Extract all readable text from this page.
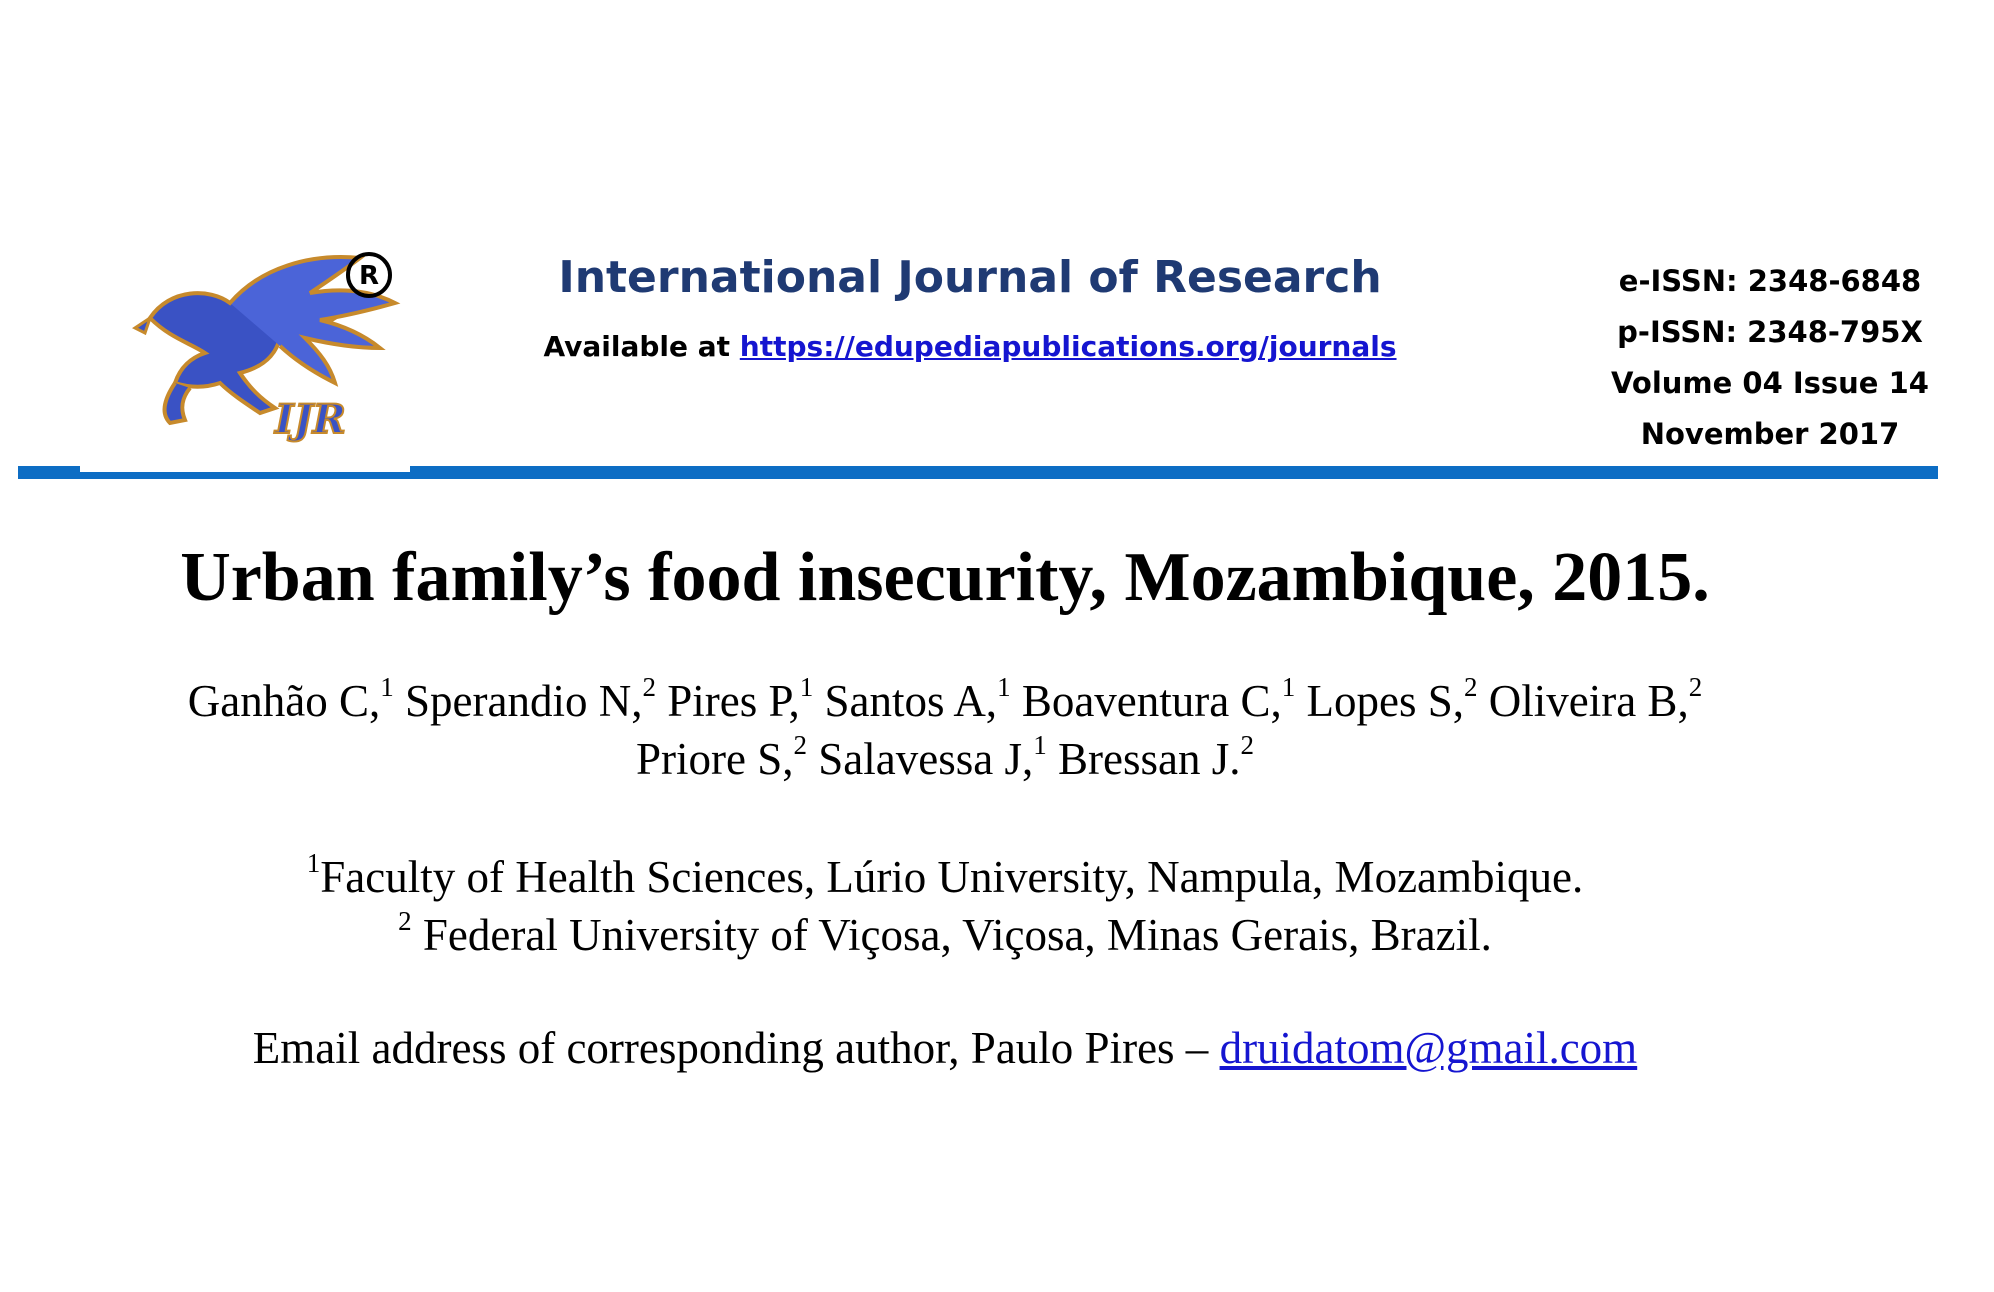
IJR
R	International Journal of Research
Available at https://edupediapublications.org/journals
e-ISSN: 2348-6848
p-ISSN: 2348-795X
Volume 04 Issue 14
November 2017
Urban family’s food insecurity, Mozambique, 2015.
Ganhão C,$^1$ Sperandio N,$^2$ Pires P,$^1$ Santos A,$^1$ Boaventura C,$^1$ Lopes S,$^2$ Oliveira B,$^2$
Priore S,$^2$ Salavessa J,$^1$ Bressan J.$^2$
$^1$Faculty of Health Sciences, Lúrio University, Nampula, Mozambique.
$^2$ Federal University of Viçosa, Viçosa, Minas Gerais, Brazil.
Email address of corresponding author, Paulo Pires – druidatom@gmail.com
